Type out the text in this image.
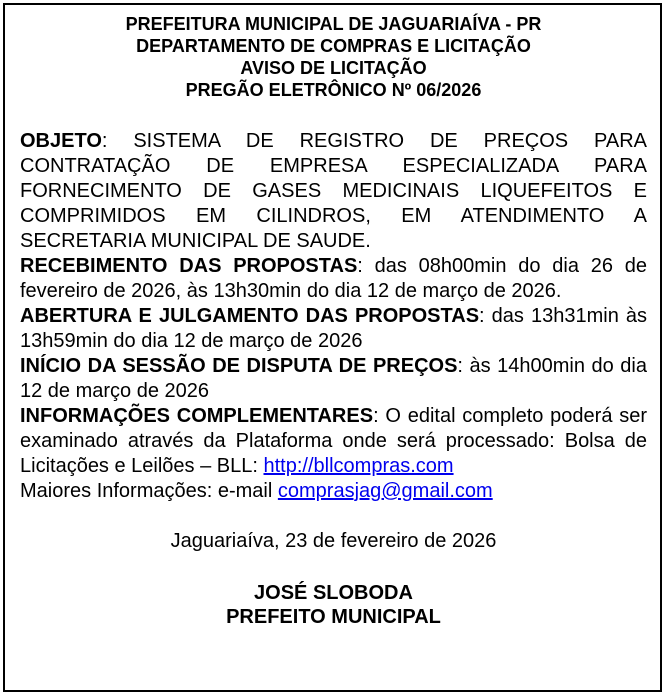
PREFEITURA MUNICIPAL DE JAGUARIAÍVA - PR
DEPARTAMENTO DE COMPRAS E LICITAÇÃO
AVISO DE LICITAÇÃO
PREGÃO ELETRÔNICO Nº 06/2026

OBJETO: SISTEMA DE REGISTRO DE PREÇOS PARA CONTRATAÇÃO DE EMPRESA ESPECIALIZADA PARA FORNECIMENTO DE GASES MEDICINAIS LIQUEFEITOS E COMPRIMIDOS EM CILINDROS, EM ATENDIMENTO A SECRETARIA MUNICIPAL DE SAUDE.

RECEBIMENTO DAS PROPOSTAS: das 08h00min do dia 26 de fevereiro de 2026, às 13h30min do dia 12 de março de 2026.

ABERTURA E JULGAMENTO DAS PROPOSTAS: das 13h31min às 13h59min do dia 12 de março de 2026

INÍCIO DA SESSÃO DE DISPUTA DE PREÇOS: às 14h00min do dia 12 de março de 2026

INFORMAÇÕES COMPLEMENTARES: O edital completo poderá ser examinado através da Plataforma onde será processado: Bolsa de Licitações e Leilões – BLL: http://bllcompras.com

Maiores Informações: e-mail comprasjag@gmail.com

Jaguariaíva, 23 de fevereiro de 2026

JOSÉ SLOBODA
PREFEITO MUNICIPAL
